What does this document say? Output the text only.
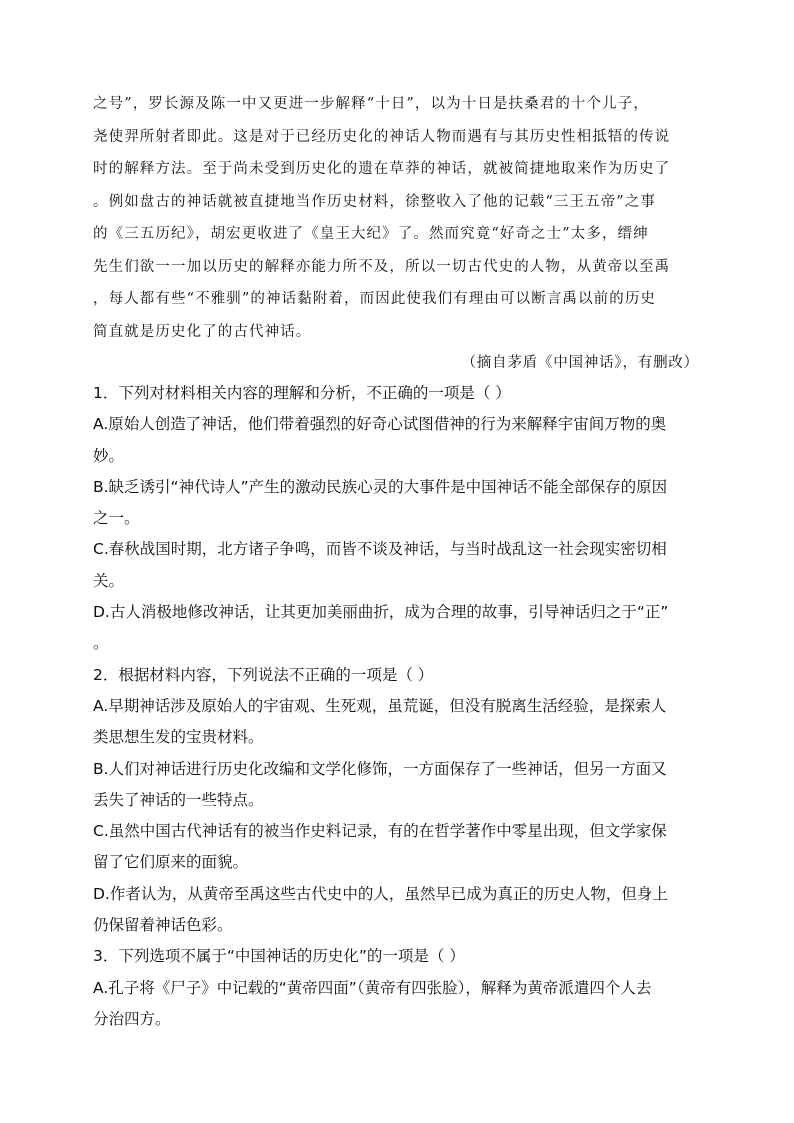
之号”，罗长源及陈一中又更进一步解释“十日”，以为十日是扶桑君的十个儿子，

尧使羿所射者即此。这是对于已经历史化的神话人物而遇有与其历史性相抵牾的传说

时的解释方法。至于尚未受到历史化的遗在草莽的神话，就被简捷地取来作为历史了

。例如盘古的神话就被直捷地当作历史材料，徐整收入了他的记载“三王五帝”之事

的《三五历纪》，胡宏更收进了《皇王大纪》了。然而究竟“好奇之士”太多，缙绅

先生们欲一一加以历史的解释亦能力所不及，所以一切古代史的人物，从黄帝以至禹

，每人都有些“不雅驯”的神话黏附着，而因此使我们有理由可以断言禹以前的历史

简直就是历史化了的古代神话。

（摘自茅盾《中国神话》，有删改）

1．下列对材料相关内容的理解和分析，不正确的一项是（ ）

A.原始人创造了神话，他们带着强烈的好奇心试图借神的行为来解释宇宙间万物的奥

妙。

B.缺乏诱引“神代诗人”产生的激动民族心灵的大事件是中国神话不能全部保存的原因

之一。

C.春秋战国时期，北方诸子争鸣，而皆不谈及神话，与当时战乱这一社会现实密切相

关。

D.古人消极地修改神话，让其更加美丽曲折，成为合理的故事，引导神话归之于“正”

。

2．根据材料内容，下列说法不正确的一项是（ ）

A.早期神话涉及原始人的宇宙观、生死观，虽荒诞，但没有脱离生活经验，是探索人

类思想生发的宝贵材料。

B.人们对神话进行历史化改编和文学化修饰，一方面保存了一些神话，但另一方面又

丢失了神话的一些特点。

C.虽然中国古代神话有的被当作史料记录，有的在哲学著作中零星出现，但文学家保

留了它们原来的面貌。

D.作者认为，从黄帝至禹这些古代史中的人，虽然早已成为真正的历史人物，但身上

仍保留着神话色彩。

3．下列选项不属于“中国神话的历史化”的一项是（ ）

A.孔子将《尸子》中记载的“黄帝四面”（黄帝有四张脸），解释为黄帝派遣四个人去

分治四方。
